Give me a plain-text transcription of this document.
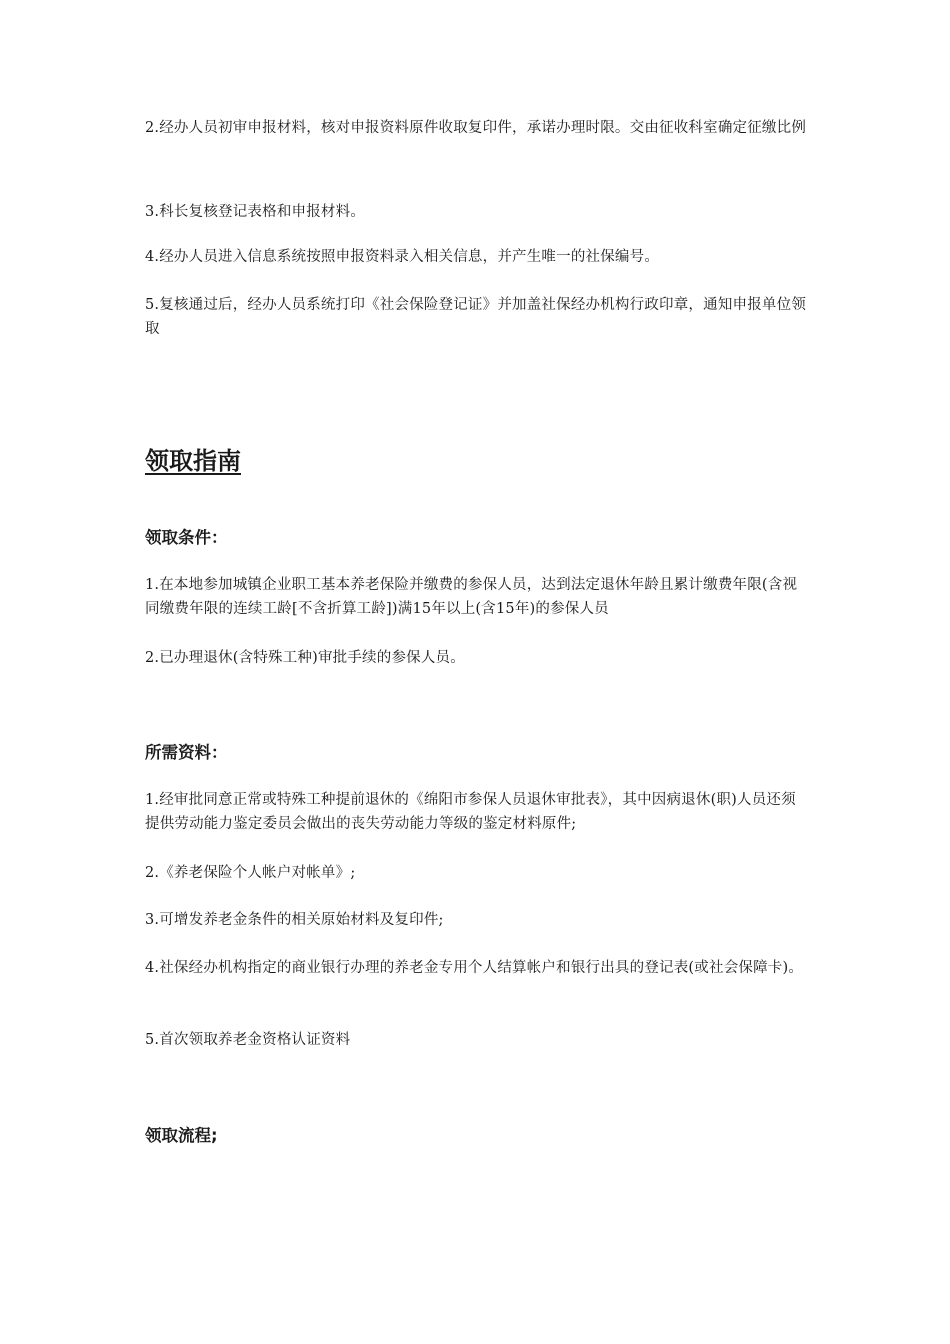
2.经办人员初审申报材料，核对申报资料原件收取复印件，承诺办理时限。交由征收科室确定征缴比例

3.科长复核登记表格和申报材料。

4.经办人员进入信息系统按照申报资料录入相关信息，并产生唯一的社保编号。

5.复核通过后，经办人员系统打印《社会保险登记证》并加盖社保经办机构行政印章，通知申报单位领取

领取指南
领取条件：

1.在本地参加城镇企业职工基本养老保险并缴费的参保人员，达到法定退休年龄且累计缴费年限(含视同缴费年限的连续工龄[不含折算工龄])满15年以上(含15年)的参保人员

2.已办理退休(含特殊工种)审批手续的参保人员。

所需资料：

1.经审批同意正常或特殊工种提前退休的《绵阳市参保人员退休审批表》，其中因病退休(职)人员还须提供劳动能力鉴定委员会做出的丧失劳动能力等级的鉴定材料原件;

2.《养老保险个人帐户对帐单》;

3.可增发养老金条件的相关原始材料及复印件;

4.社保经办机构指定的商业银行办理的养老金专用个人结算帐户和银行出具的登记表(或社会保障卡)。

5.首次领取养老金资格认证资料

领取流程;
